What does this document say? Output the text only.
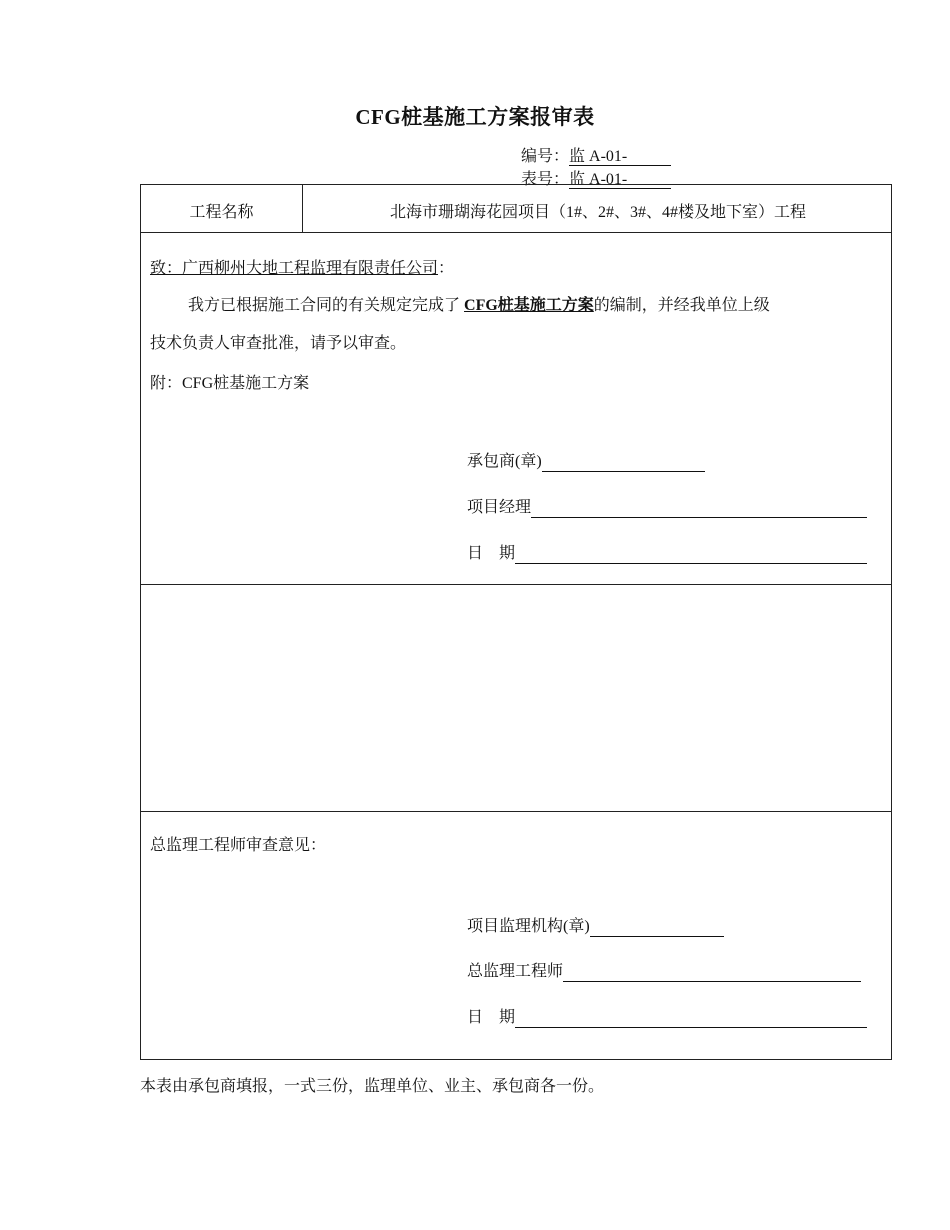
CFG桩基施工方案报审表
编号：监 A-01-
表号：监 A-01-
工程名称	北海市珊瑚海花园项目（1#、2#、3#、4#楼及地下室）工程
致：广西柳州大地工程监理有限责任公司：
我方已根据施工合同的有关规定完成了 CFG桩基施工方案的编制，并经我单位上级
技术负责人审查批准，请予以审查。
附：CFG桩基施工方案
承包商(章)
项目经理
日　期
总监理工程师审查意见：
项目监理机构(章)
总监理工程师
日　期
本表由承包商填报，一式三份，监理单位、业主、承包商各一份。
